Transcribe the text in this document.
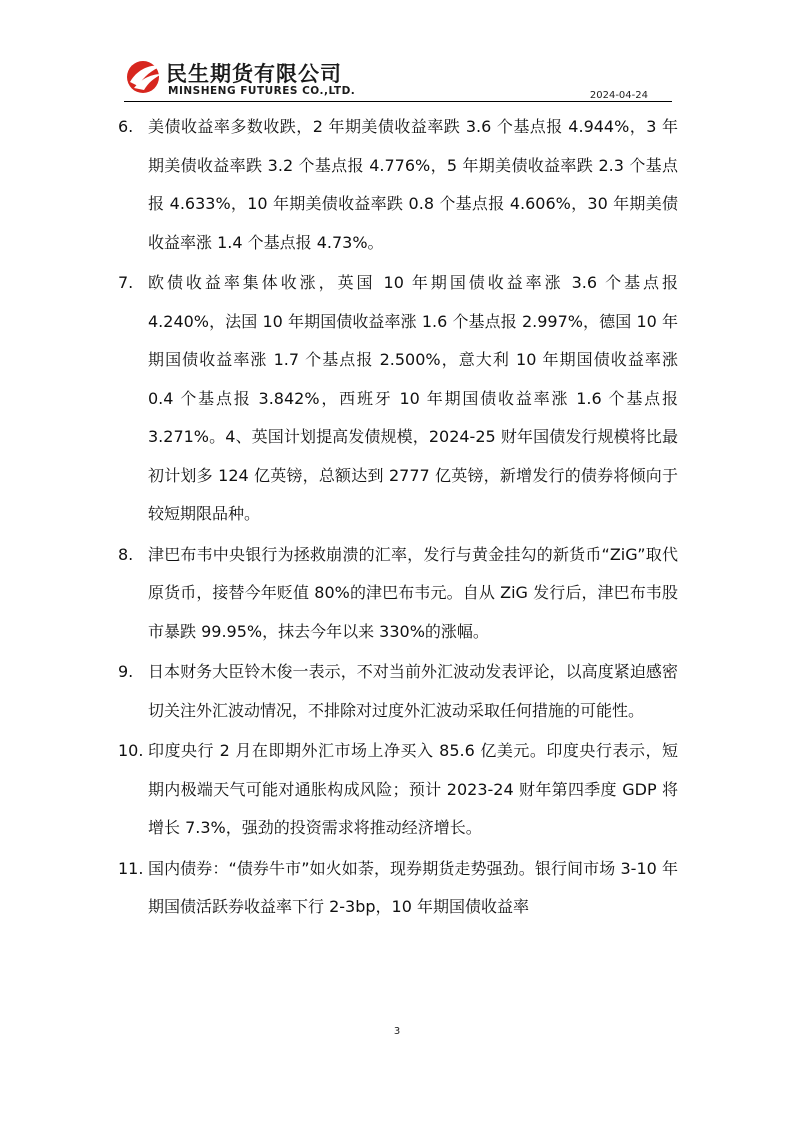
民生期货有限公司
MINSHENG FUTURES CO.,LTD.	2024-04-24
6. 美债收益率多数收跌，2 年期美债收益率跌 3.6 个基点报 4.944%，3 年期美债收益率跌 3.2 个基点报 4.776%，5 年期美债收益率跌 2.3 个基点报 4.633%，10 年期美债收益率跌 0.8 个基点报 4.606%，30 年期美债收益率涨 1.4 个基点报 4.73%。
7. 欧债收益率集体收涨，英国 10 年期国债收益率涨 3.6 个基点报 4.240%，法国 10 年期国债收益率涨 1.6 个基点报 2.997%，德国 10 年期国债收益率涨 1.7 个基点报 2.500%，意大利 10 年期国债收益率涨 0.4 个基点报 3.842%，西班牙 10 年期国债收益率涨 1.6 个基点报 3.271%。4、英国计划提高发债规模，2024-25 财年国债发行规模将比最初计划多 124 亿英镑，总额达到 2777 亿英镑，新增发行的债券将倾向于较短期限品种。
8. 津巴布韦中央银行为拯救崩溃的汇率，发行与黄金挂勾的新货币“ZiG”取代原货币，接替今年贬值 80%的津巴布韦元。自从 ZiG 发行后，津巴布韦股市暴跌 99.95%，抹去今年以来 330%的涨幅。
9. 日本财务大臣铃木俊一表示，不对当前外汇波动发表评论，以高度紧迫感密切关注外汇波动情况，不排除对过度外汇波动采取任何措施的可能性。
10. 印度央行 2 月在即期外汇市场上净买入 85.6 亿美元。印度央行表示，短期内极端天气可能对通胀构成风险；预计 2023-24 财年第四季度 GDP 将增长 7.3%，强劲的投资需求将推动经济增长。
11. 国内债券：“债券牛市”如火如荼，现券期货走势强劲。银行间市场 3-10 年期国债活跃券收益率下行 2-3bp，10 年期国债收益率
3
